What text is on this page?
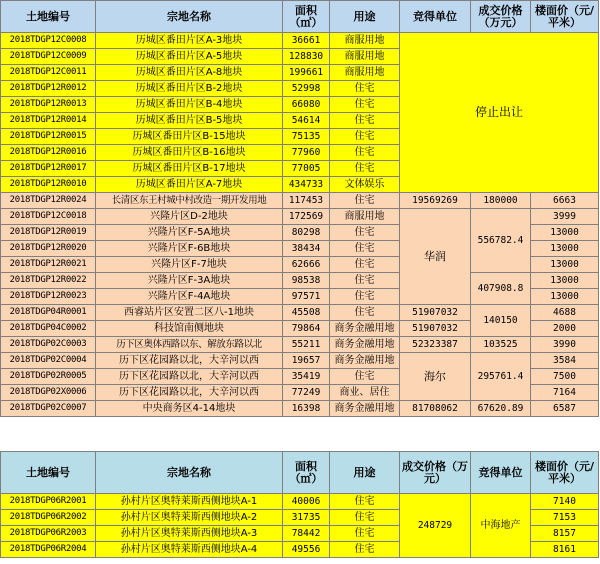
土地编号	宗地名称	面积（㎡）	用途	竞得单位	成交价格（万元）	楼面价（元/平米）
2018TDGP12C0008	历城区番田片区A-3地块	36661	商服用地	停止出让		
2018TDGP12C0009	历城区番田片区A-5地块	128830	商服用地			
2018TDGP12C0011	历城区番田片区A-8地块	199661	商服用地			
2018TDGP12R0012	历城区番田片区B-2地块	52998	住宅			
2018TDGP12R0013	历城区番田片区B-4地块	66080	住宅			
2018TDGP12R0014	历城区番田片区B-5地块	54614	住宅			
2018TDGP12R0015	历城区番田片区B-15地块	75135	住宅			
2018TDGP12R0016	历城区番田片区B-16地块	77960	住宅			
2018TDGP12R0017	历城区番田片区B-17地块	77005	住宅			
2018TDGP12R0010	历城区番田片区A-7地块	434733	文体娱乐			
2018TDGP12R0024	长清区东王村城中村改造一期开发用地	117453	住宅	19569269	180000	6663
2018TDGP12C0018	兴隆片区D-2地块	172569	商服用地	华润	556782.4	3999
2018TDGP12R0019	兴隆片区F-5A地块	80298	住宅			13000
2018TDGP12R0020	兴隆片区F-6B地块	38434	住宅			13000
2018TDGP12R0021	兴隆片区F-7地块	62666	住宅			13000
2018TDGP12R0022	兴隆片区F-3A地块	98538	住宅		407908.8	13000
2018TDGP12R0023	兴隆片区F-4A地块	97571	住宅			13000
2018TDGP04R0001	西睿站片区安置二区八-1地块	45508	住宅	51907032	140150	4688
2018TDGP04C0002	科技馆南侧地块	79864	商务金融用地	51907032		2000
2018TDGP02C0003	历下区奥体西路以东、解放东路以北	55211	商务金融用地	52323387	103525	3990
2018TDGP02C0004	历下区花园路以北，大辛河以西	19657	商务金融用地	海尔	295761.4	3584
2018TDGP02R0005	历下区花园路以北，大辛河以西	35419	住宅			7500
2018TDGP02X0006	历下区花园路以北，大辛河以西	77249	商业、居住			7164
2018TDGP02C0007	中央商务区4-14地块	16398	商务金融用地	81708062	67620.89	6587
土地编号	宗地名称	面积（㎡）	用途	成交价格（万元）	竞得单位	楼面价（元/平米）
2018TDGP06R2001	孙村片区奥特莱斯西侧地块A-1	40006	住宅	248729	中海地产	7140
2018TDGP06R2002	孙村片区奥特莱斯西侧地块A-2	31735	住宅			7153
2018TDGP06R2003	孙村片区奥特莱斯西侧地块A-3	78442	住宅			8157
2018TDGP06R2004	孙村片区奥特莱斯西侧地块A-4	49556	住宅			8161
